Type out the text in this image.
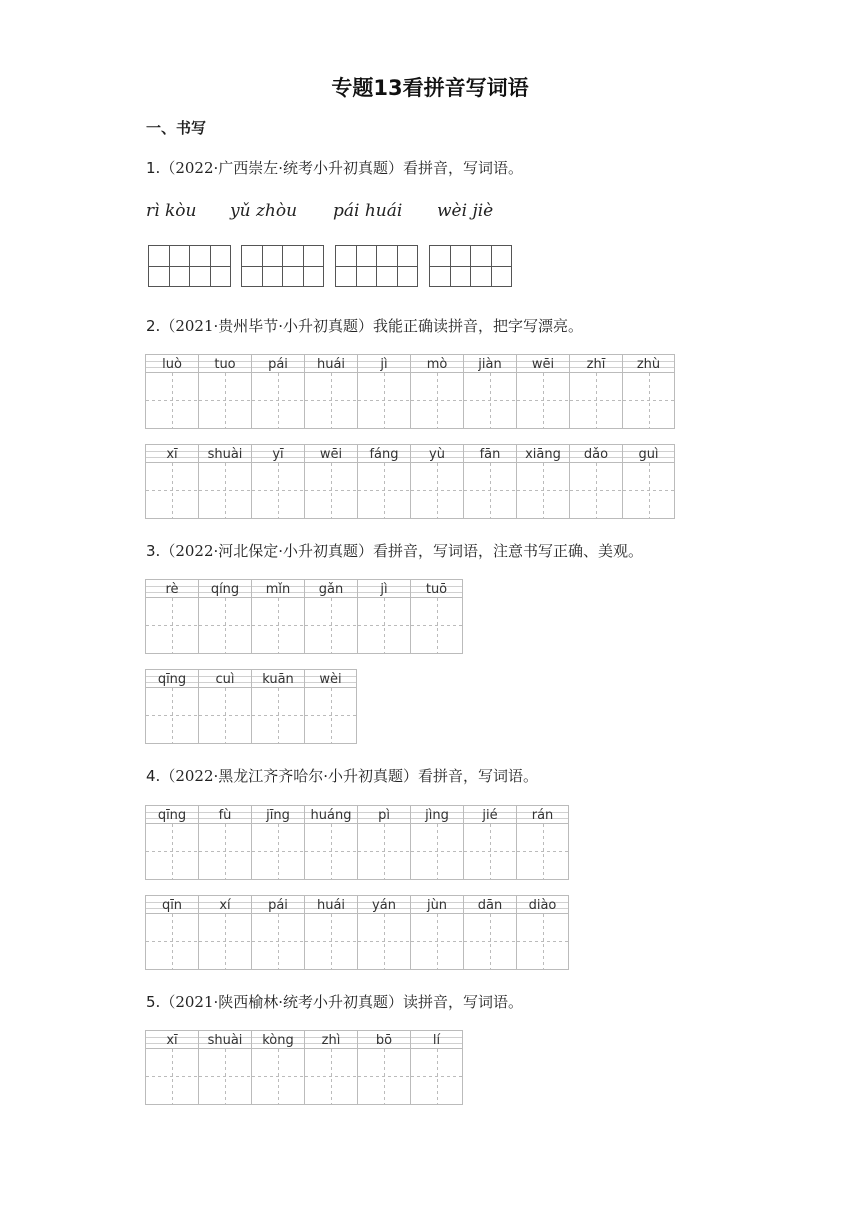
专题13看拼音写词语
一、书写
1.（2022·广西崇左·统考小升初真题）看拼音，写词语。
rì kòu yǔ zhòu pái huái wèi jiè
2.（2021·贵州毕节·小升初真题）我能正确读拼音，把字写漂亮。
luò	tuo	pái	huái	jì	mò	jiàn	wēi	zhī	zhù
xī	shuài	yī	wēi	fáng	yù	fān	xiāng	dǎo	guì
3.（2022·河北保定·小升初真题）看拼音，写词语，注意书写正确、美观。
rè	qíng	mǐn	gǎn	jì	tuō
qīng	cuì	kuān	wèi
4.（2022·黑龙江齐齐哈尔·小升初真题）看拼音，写词语。
qīng	fù	jīng	huáng	pì	jìng	jié	rán
qīn	xí	pái	huái	yán	jùn	dān	diào
5.（2021·陕西榆林·统考小升初真题）读拼音，写词语。
xī	shuài	kòng	zhì	bō	lí
